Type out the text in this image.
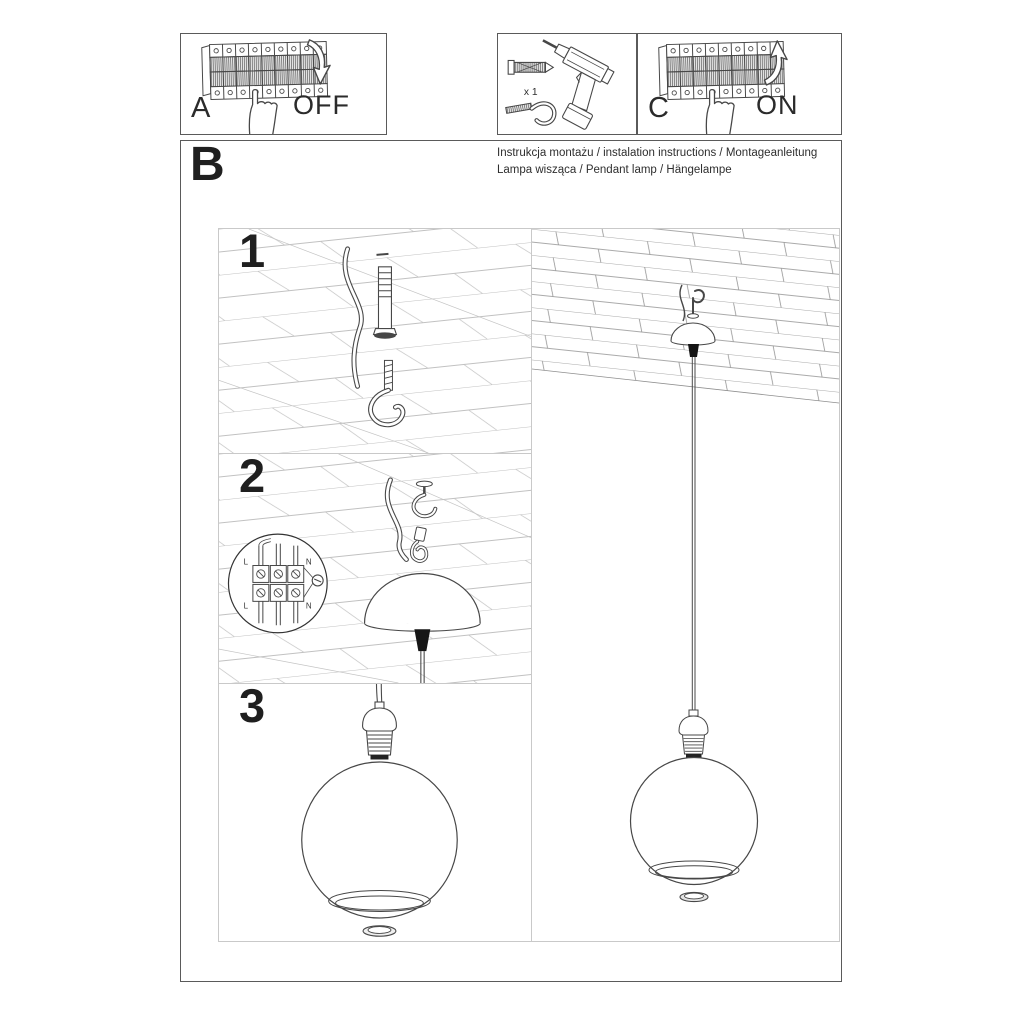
A	OFF	x 1	C	ON
B	Instrukcja montażu / instalation instructions / Montageanleitung
Lampa wisząca / Pendant lamp / Hängelampe
1
2
L	N
L	N
3
